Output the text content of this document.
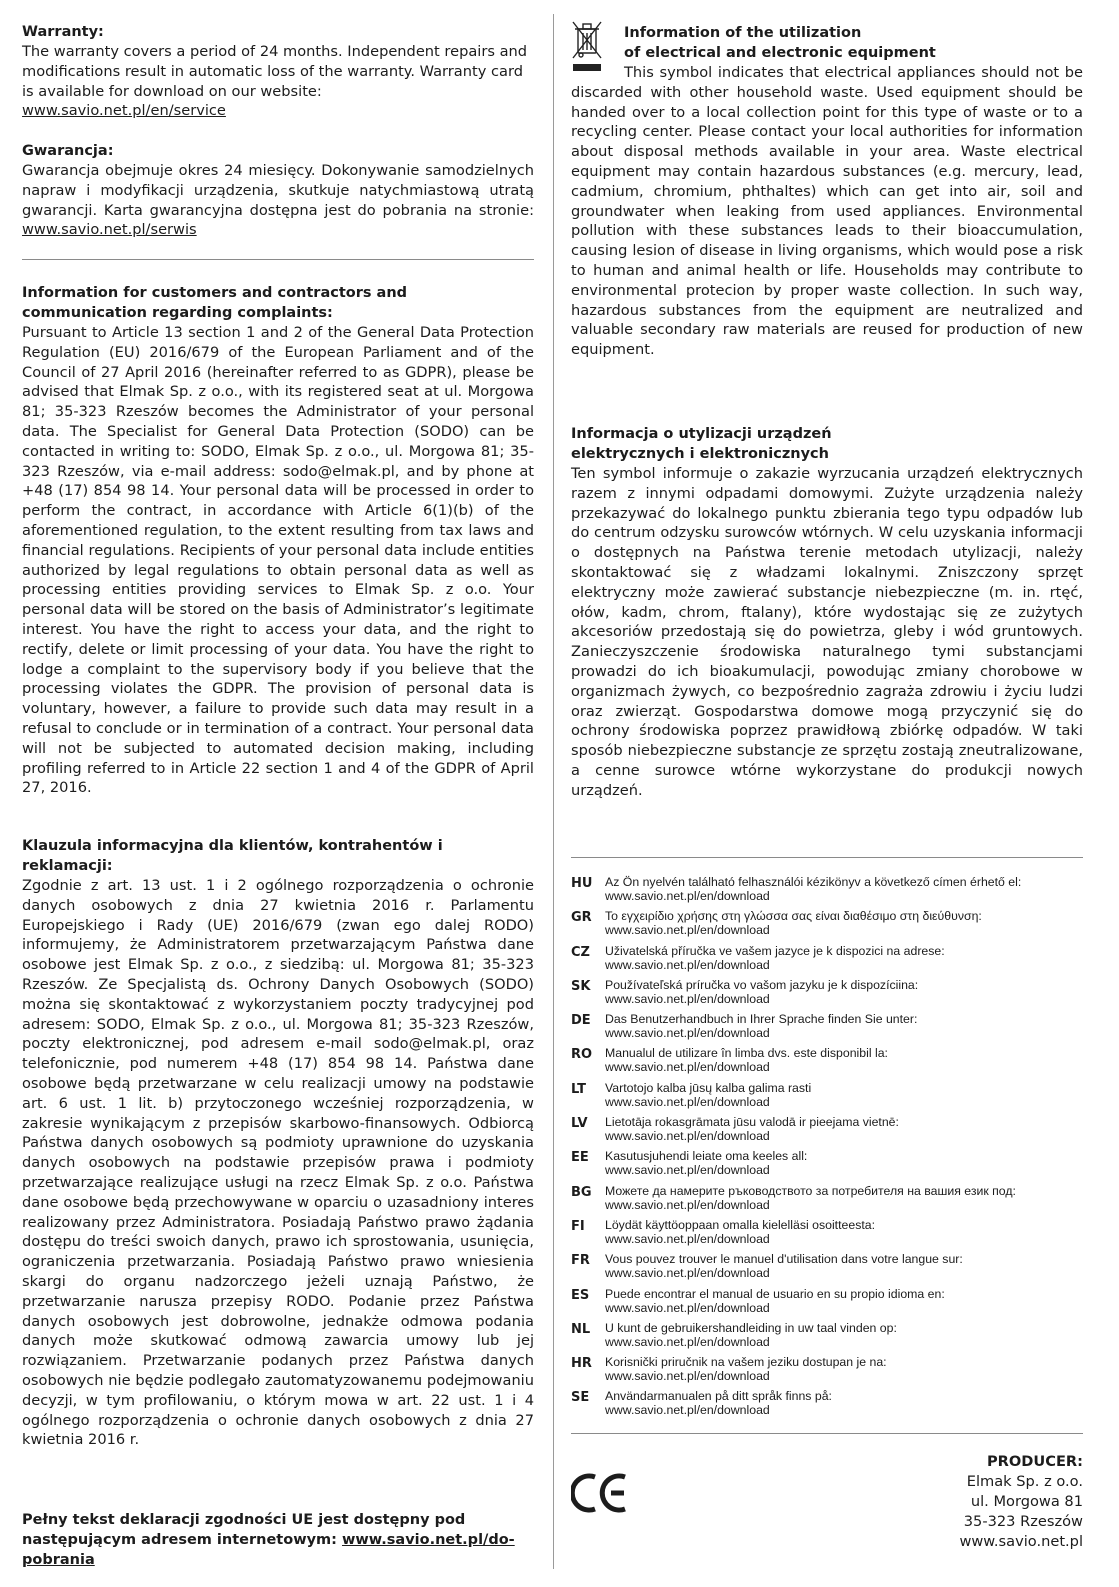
Warranty:

The warranty covers a period of 24 months. Independent repairs and modifications result in automatic loss of the warranty. Warranty card is available for download on our website:
www.savio.net.pl/en/service

Gwarancja:

Gwarancja obejmuje okres 24 miesięcy. Dokonywanie samodzielnych napraw i modyfikacji urządzenia, skutkuje natychmiastową utratą gwarancji. Karta gwarancyjna dostępna jest do pobrania na stronie: www.savio.net.pl/serwis

Information for customers and contractors and communication regarding complaints:

Pursuant to Article 13 section 1 and 2 of the General Data Protection Regulation (EU) 2016/679 of the European Parliament and of the Council of 27 April 2016 (hereinafter referred to as GDPR), please be advised that Elmak Sp. z o.o., with its registered seat at ul. Morgowa 81; 35-323 Rzeszów becomes the Administrator of your personal data. The Specialist for General Data Protection (SODO) can be contacted in writing to: SODO, Elmak Sp. z o.o., ul. Morgowa 81; 35-323 Rzeszów, via e-mail address: sodo@elmak.pl, and by phone at +48 (17) 854 98 14. Your personal data will be processed in order to perform the contract, in accordance with Article 6(1)(b) of the aforementioned regulation, to the extent resulting from tax laws and financial regulations. Recipients of your personal data include entities authorized by legal regulations to obtain personal data as well as processing entities providing services to Elmak Sp. z o.o. Your personal data will be stored on the basis of Administrator’s legitimate interest. You have the right to access your data, and the right to rectify, delete or limit processing of your data. You have the right to lodge a complaint to the supervisory body if you believe that the processing violates the GDPR. The provision of personal data is voluntary, however, a failure to provide such data may result in a refusal to conclude or in termination of a contract. Your personal data will not be subjected to automated decision making, including profiling referred to in Article 22 section 1 and 4 of the GDPR of April 27, 2016.

Klauzula informacyjna dla klientów, kontrahentów i reklamacji:

Zgodnie z art. 13 ust. 1 i 2 ogólnego rozporządzenia o ochronie danych osobowych z dnia 27 kwietnia 2016 r. Parlamentu Europejskiego i Rady (UE) 2016/679 (zwan ego dalej RODO) informujemy, że Administratorem przetwarzającym Państwa dane osobowe jest Elmak Sp. z o.o., z siedzibą: ul. Morgowa 81; 35-323 Rzeszów. Ze Specjalistą ds. Ochrony Danych Osobowych (SODO) można się skontaktować z wykorzystaniem poczty tradycyjnej pod adresem: SODO, Elmak Sp. z o.o., ul. Morgowa 81; 35-323 Rzeszów, poczty elektronicznej, pod adresem e-mail sodo@elmak.pl, oraz telefonicznie, pod numerem +48 (17) 854 98 14. Państwa dane osobowe będą przetwarzane w celu realizacji umowy na podstawie art. 6 ust. 1 lit. b) przytoczonego wcześniej rozporządzenia, w zakresie wynikającym z przepisów skarbowo-finansowych. Odbiorcą Państwa danych osobowych są podmioty uprawnione do uzyskania danych osobowych na podstawie przepisów prawa i podmioty przetwarzające realizujące usługi na rzecz Elmak Sp. z o.o. Państwa dane osobowe będą przechowywane w oparciu o uzasadniony interes realizowany przez Administratora. Posiadają Państwo prawo żądania dostępu do treści swoich danych, prawo ich sprostowania, usunięcia, ograniczenia przetwarzania. Posiadają Państwo prawo wniesienia skargi do organu nadzorczego jeżeli uznają Państwo, że przetwarzanie narusza przepisy RODO. Podanie przez Państwa danych osobowych jest dobrowolne, jednakże odmowa podania danych może skutkować odmową zawarcia umowy lub jej rozwiązaniem. Przetwarzanie podanych przez Państwa danych osobowych nie będzie podlegało zautomatyzowanemu podejmowaniu decyzji, w tym profilowaniu, o którym mowa w art. 22 ust. 1 i 4 ogólnego rozporządzenia o ochronie danych osobowych z dnia 27 kwietnia 2016 r.

Pełny tekst deklaracji zgodności UE jest dostępny pod następującym adresem internetowym: www.savio.net.pl/do-pobrania
Information of the utilization
of electrical and electronic equipment

This symbol indicates that electrical appliances should not be discarded with other household waste. Used equipment should be handed over to a local collection point for this type of waste or to a recycling center. Please contact your local authorities for information about disposal methods available in your area. Waste electrical equipment may contain hazardous substances (e.g. mercury, lead, cadmium, chromium, phthaltes) which can get into air, soil and groundwater when leaking from used appliances. Environmental pollution with these substances leads to their bioaccumulation, causing lesion of disease in living organisms, which would pose a risk to human and animal health or life. Households may contribute to environmental protecion by proper waste collection. In such way, hazardous substances from the equipment are neutralized and valuable secondary raw materials are reused for production of new equipment.

Informacja o utylizacji urządzeń elektrycznych i elektronicznych

Ten symbol informuje o zakazie wyrzucania urządzeń elektrycznych razem z innymi odpadami domowymi. Zużyte urządzenia należy przekazywać do lokalnego punktu zbierania tego typu odpadów lub do centrum odzysku surowców wtórnych. W celu uzyskania informacji o dostępnych na Państwa terenie metodach utylizacji, należy skontaktować się z władzami lokalnymi. Zniszczony sprzęt elektryczny może zawierać substancje niebezpieczne (m. in. rtęć, ołów, kadm, chrom, ftalany), które wydostając się ze zużytych akcesoriów przedostają się do powietrza, gleby i wód gruntowych. Zanieczyszczenie środowiska naturalnego tymi substancjami prowadzi do ich bioakumulacji, powodując zmiany chorobowe w organizmach żywych, co bezpośrednio zagraża zdrowiu i życiu ludzi oraz zwierząt. Gospodarstwa domowe mogą przyczynić się do ochrony środowiska poprzez prawidłową zbiórkę odpadów. W taki sposób niebezpieczne substancje ze sprzętu zostają zneutralizowane, a cenne surowce wtórne wykorzystane do produkcji nowych urządzeń.

HU Az Ön nyelvén található felhasználói kézikönyv a következő címen érhető el:
www.savio.net.pl/en/download
GR Το εγχειρίδιο χρήσης στη γλώσσα σας είναι διαθέσιμο στη διεύθυνση:
www.savio.net.pl/en/download
CZ Uživatelská příručka ve vašem jazyce je k dispozici na adrese:
www.savio.net.pl/en/download
SK Používateľská príručka vo vašom jazyku je k dispozíciina:
www.savio.net.pl/en/download
DE Das Benutzerhandbuch in Ihrer Sprache finden Sie unter:
www.savio.net.pl/en/download
RO Manualul de utilizare în limba dvs. este disponibil la:
www.savio.net.pl/en/download
LT Vartotojo kalba jūsų kalba galima rasti
www.savio.net.pl/en/download
LV Lietotāja rokasgrāmata jūsu valodā ir pieejama vietnē:
www.savio.net.pl/en/download
EE Kasutusjuhendi leiate oma keeles all:
www.savio.net.pl/en/download
BG Можете да намерите ръководството за потребителя на вашия език под:
www.savio.net.pl/en/download
FI Löydät käyttöoppaan omalla kielelläsi osoitteesta:
www.savio.net.pl/en/download
FR Vous pouvez trouver le manuel d'utilisation dans votre langue sur:
www.savio.net.pl/en/download
ES Puede encontrar el manual de usuario en su propio idioma en:
www.savio.net.pl/en/download
NL U kunt de gebruikershandleiding in uw taal vinden op:
www.savio.net.pl/en/download
HR Korisnički priručnik na vašem jeziku dostupan je na:
www.savio.net.pl/en/download
SE Användarmanualen på ditt språk finns på:
www.savio.net.pl/en/download
PRODUCER:
Elmak Sp. z o.o.
ul. Morgowa 81
35-323 Rzeszów
www.savio.net.pl
